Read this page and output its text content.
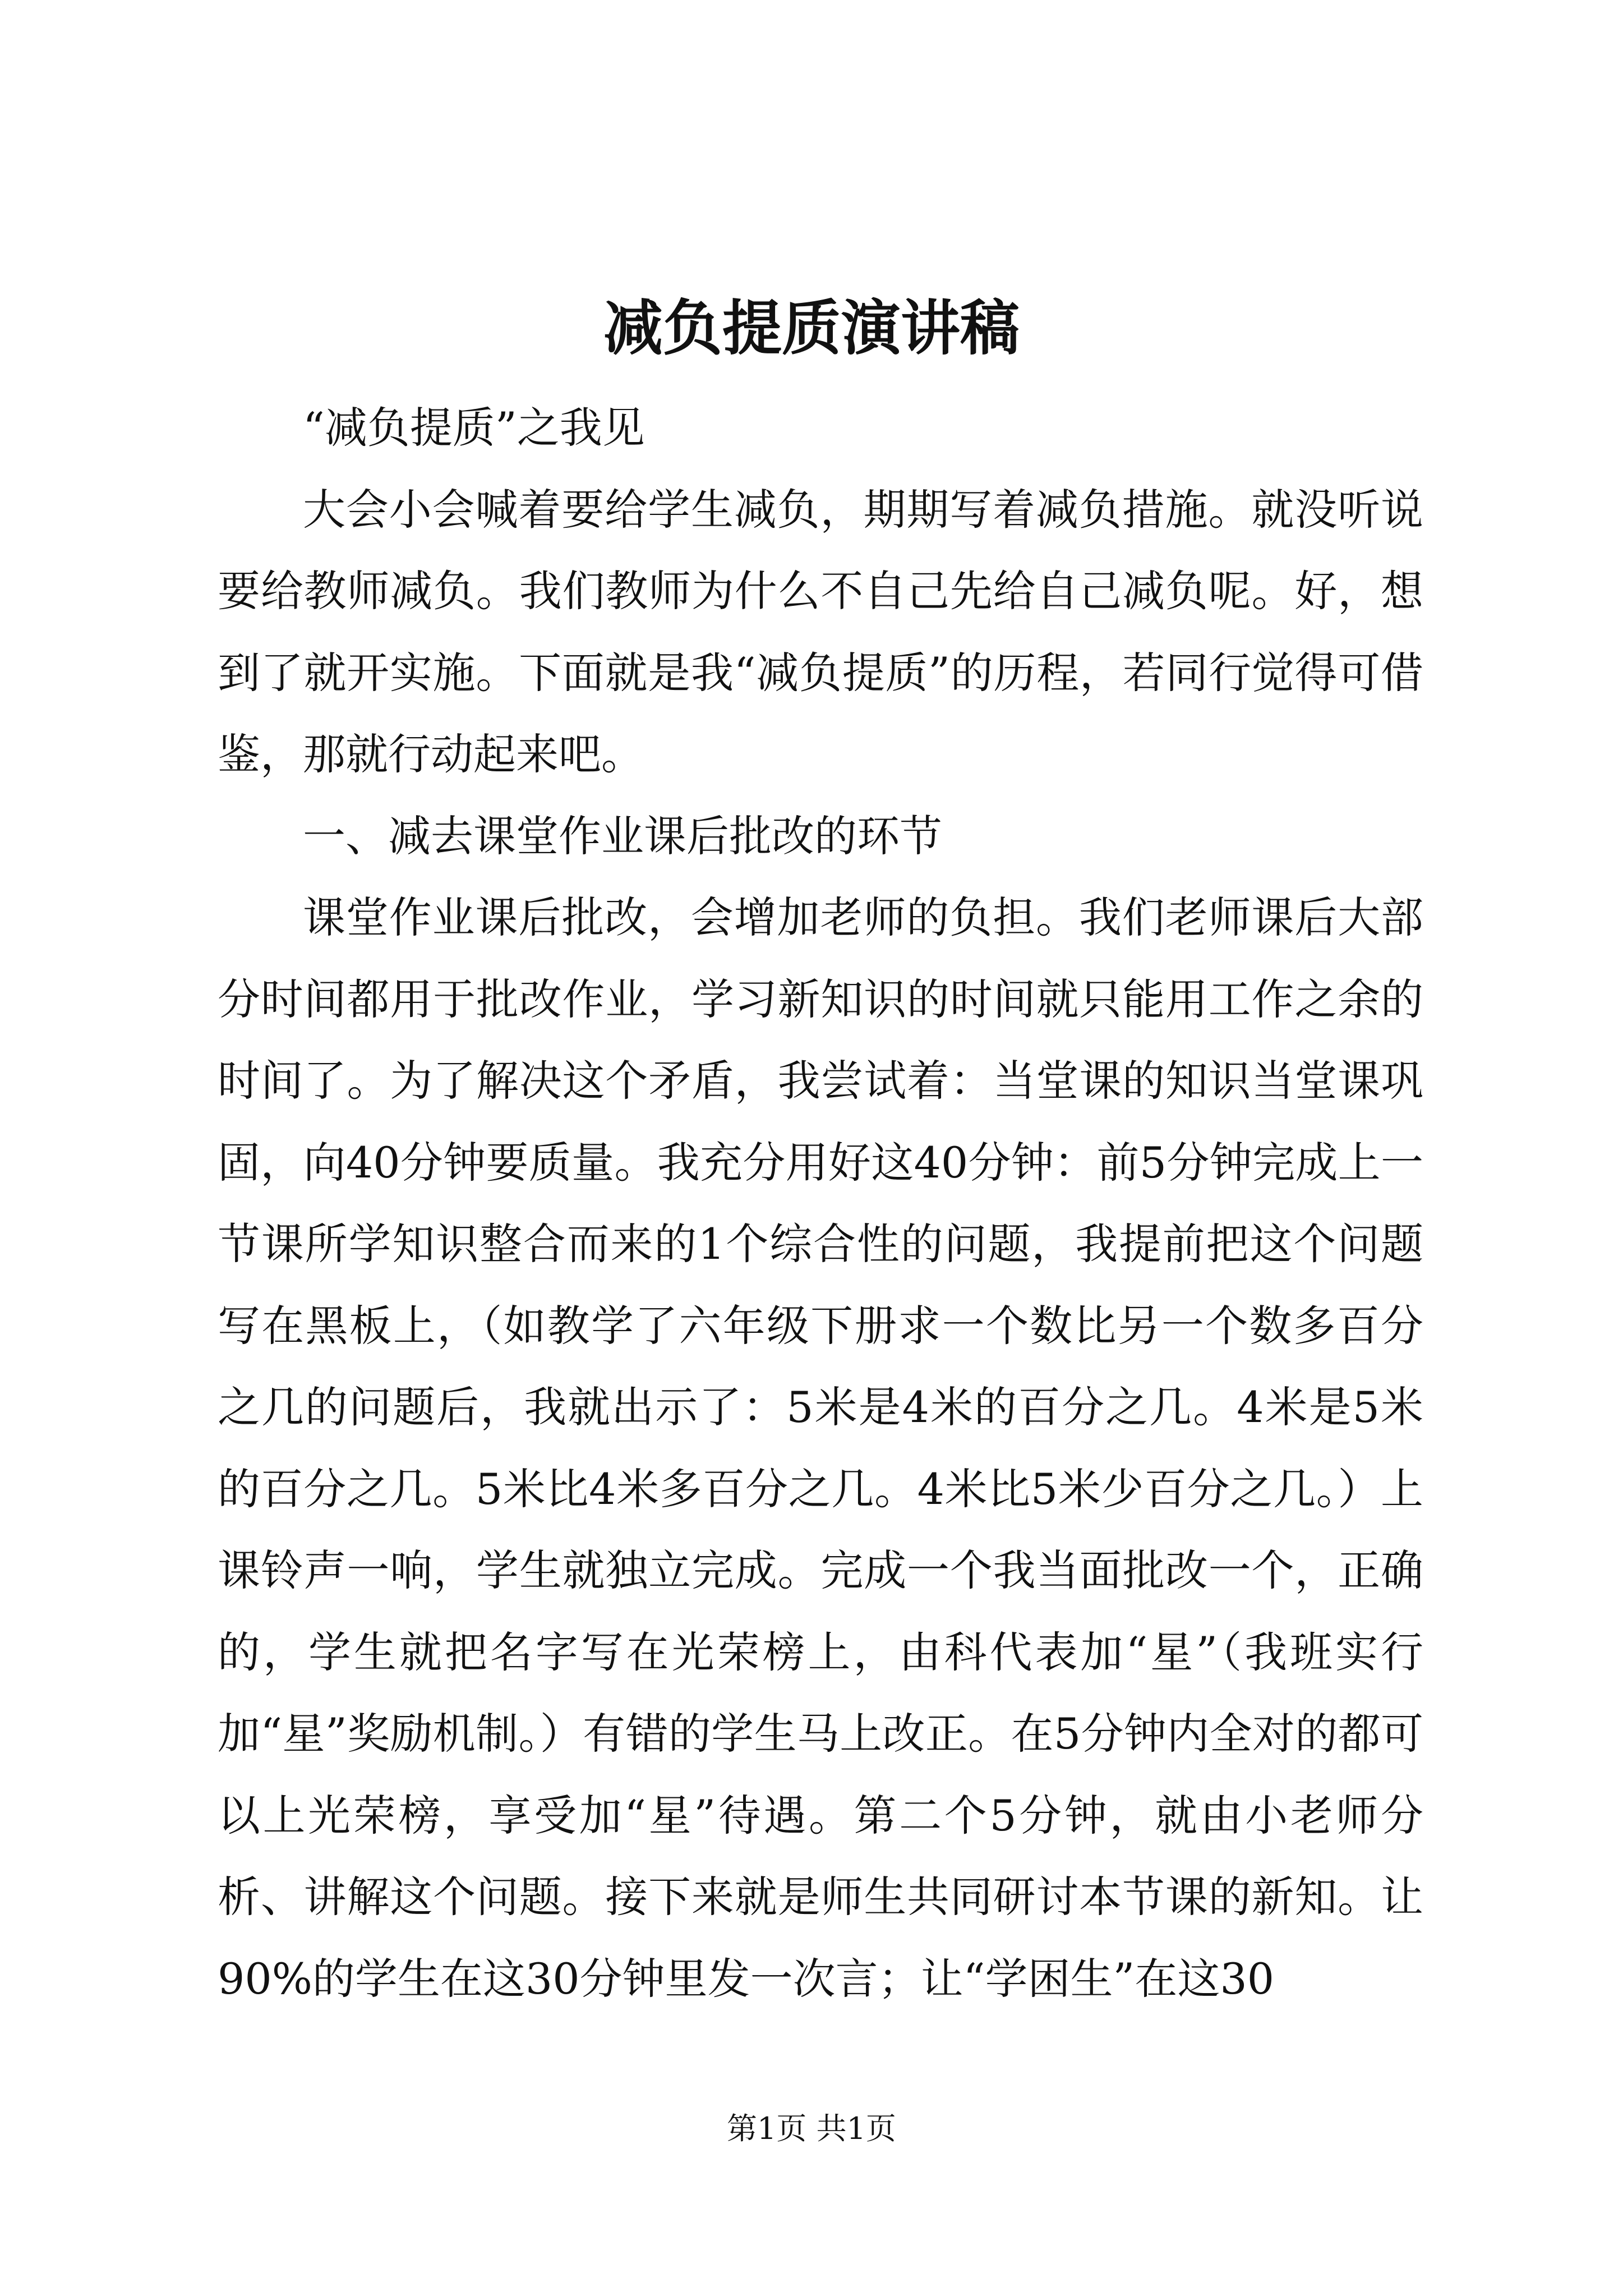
减负提质演讲稿

“减负提质”之我见

大会小会喊着要给学生减负，期期写着减负措施。就没听说要给教师减负。我们教师为什么不自己先给自己减负呢。好，想到了就开实施。下面就是我“减负提质”的历程，若同行觉得可借鉴，那就行动起来吧。

一、减去课堂作业课后批改的环节

课堂作业课后批改，会增加老师的负担。我们老师课后大部分时间都用于批改作业，学习新知识的时间就只能用工作之余的时间了。为了解决这个矛盾，我尝试着：当堂课的知识当堂课巩固，向40分钟要质量。我充分用好这40分钟：前5分钟完成上一节课所学知识整合而来的1个综合性的问题，我提前把这个问题写在黑板上，（如教学了六年级下册求一个数比另一个数多百分之几的问题后，我就出示了：5米是4米的百分之几。4米是5米的百分之几。5米比4米多百分之几。4米比5米少百分之几。）上课铃声一响，学生就独立完成。完成一个我当面批改一个，正确的，学生就把名字写在光荣榜上，由科代表加“星”（我班实行加“星”奖励机制。）有错的学生马上改正。在5分钟内全对的都可以上光荣榜，享受加“星”待遇。第二个5分钟，就由小老师分析、讲解这个问题。接下来就是师生共同研讨本节课的新知。让90%的学生在这30分钟里发一次言；让“学困生”在这30

第1页 共1页
